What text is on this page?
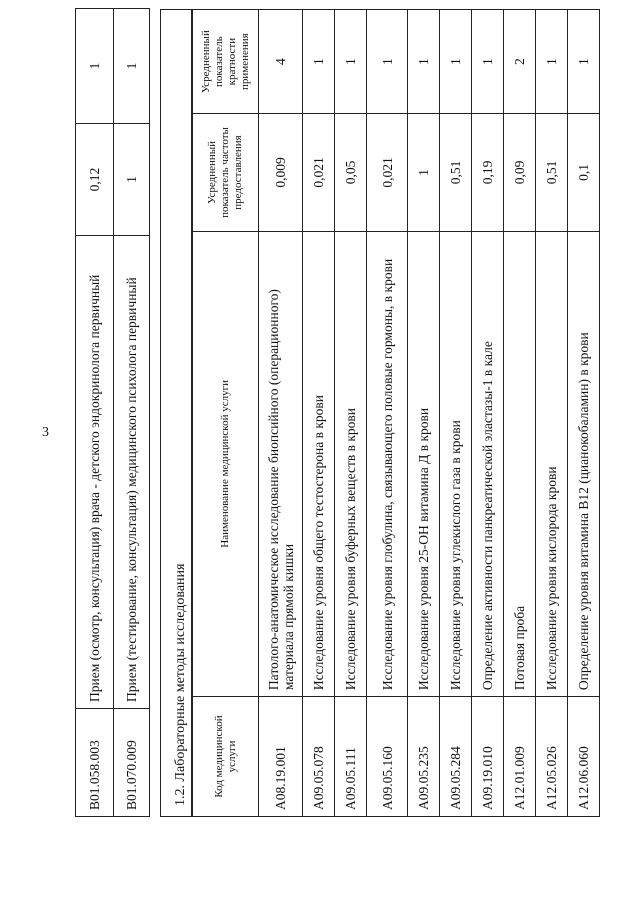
3
B01.058.003	Прием (осмотр, консультация) врача - детского эндокринолога первичный	0,12	1
B01.070.009	Прием (тестирование, консультация) медицинского психолога первичный	1	1
1.2. Лабораторные методы исследования	Код медицинской услуги	Наименование медицинской услуги	Усредненный показатель частоты предоставления	Усредненный показатель кратности применения
A08.19.001	Патолого-анатомическое исследование биопсийного (операционного) материала прямой кишки	0,009	4
A09.05.078	Исследование уровня общего тестостерона в крови	0,021	1
A09.05.111	Исследование уровня буферных веществ в крови	0,05	1
A09.05.160	Исследование уровня глобулина, связывающего половые гормоны, в крови	0,021	1
A09.05.235	Исследование уровня 25-ОН витамина Д в крови	1	1
A09.05.284	Исследование уровня углекислого газа в крови	0,51	1
A09.19.010	Определение активности панкреатической эластазы-1 в кале	0,19	1
A12.01.009	Потовая проба	0,09	2
A12.05.026	Исследование уровня кислорода крови	0,51	1
A12.06.060	Определение уровня витамина B12 (цианокобаламин) в крови	0,1	1
